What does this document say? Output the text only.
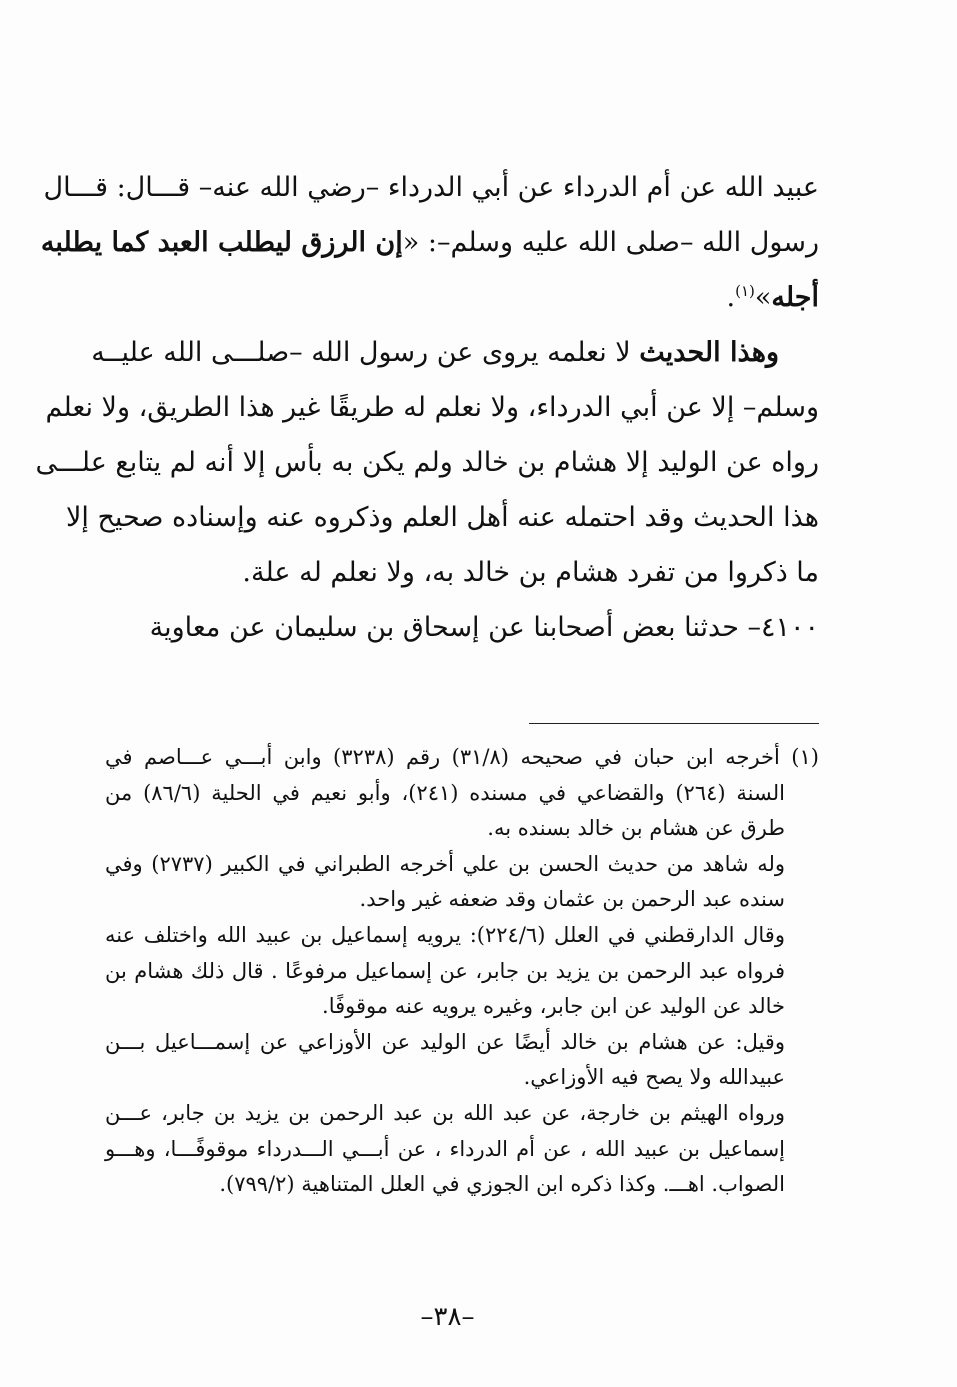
عبيد الله عن أم الدرداء عن أبي الدرداء –رضي الله عنه– قـــال: قـــال
رسول الله –صلى الله عليه وسلم–: «إن الرزق ليطلب العبد كما يطلبه
أجله»$^{(١)}$.
وهذا الحديث لا نعلمه يروى عن رسول الله –صلـــى الله عليــه
وسلم– إلا عن أبي الدرداء، ولا نعلم له طريقًا غير هذا الطريق، ولا نعلم
رواه عن الوليد إلا هشام بن خالد ولم يكن به بأس إلا أنه لم يتابع علـــى
هذا الحديث وقد احتمله عنه أهل العلم وذكروه عنه وإسناده صحيح إلا
ما ذكروا من تفرد هشام بن خالد به، ولا نعلم له علة.
٤١٠٠– حدثنا بعض أصحابنا عن إسحاق بن سليمان عن معاوية
(١) أخرجه ابن حبان في صحيحه (٣١/٨) رقم (٣٢٣٨) وابن أبـــي عـــاصم في
السنة (٢٦٤) والقضاعي في مسنده (٢٤١)، وأبو نعيم في الحلية (٨٦/٦) من
طرق عن هشام بن خالد بسنده به.
وله شاهد من حديث الحسن بن علي أخرجه الطبراني في الكبير (٢٧٣٧) وفي
سنده عبد الرحمن بن عثمان وقد ضعفه غير واحد.
وقال الدارقطني في العلل (٢٢٤/٦): يرويه إسماعيل بن عبيد الله واختلف عنه
فرواه عبد الرحمن بن يزيد بن جابر، عن إسماعيل مرفوعًا . قال ذلك هشام بن
خالد عن الوليد عن ابن جابر، وغيره يرويه عنه موقوفًا.
وقيل: عن هشام بن خالد أيضًا عن الوليد عن الأوزاعي عن إسمـــاعيل بـــن
عبيدالله ولا يصح فيه الأوزاعي.
ورواه الهيثم بن خارجة، عن عبد الله بن عبد الرحمن بن يزيد بن جابر، عـــن
إسماعيل بن عبيد الله ، عن أم الدرداء ، عن أبـــي الـــدرداء موقوفًـــا، وهـــو
الصواب. اهـــ. وكذا ذكره ابن الجوزي في العلل المتناهية (٧٩٩/٢).
–٣٨–
